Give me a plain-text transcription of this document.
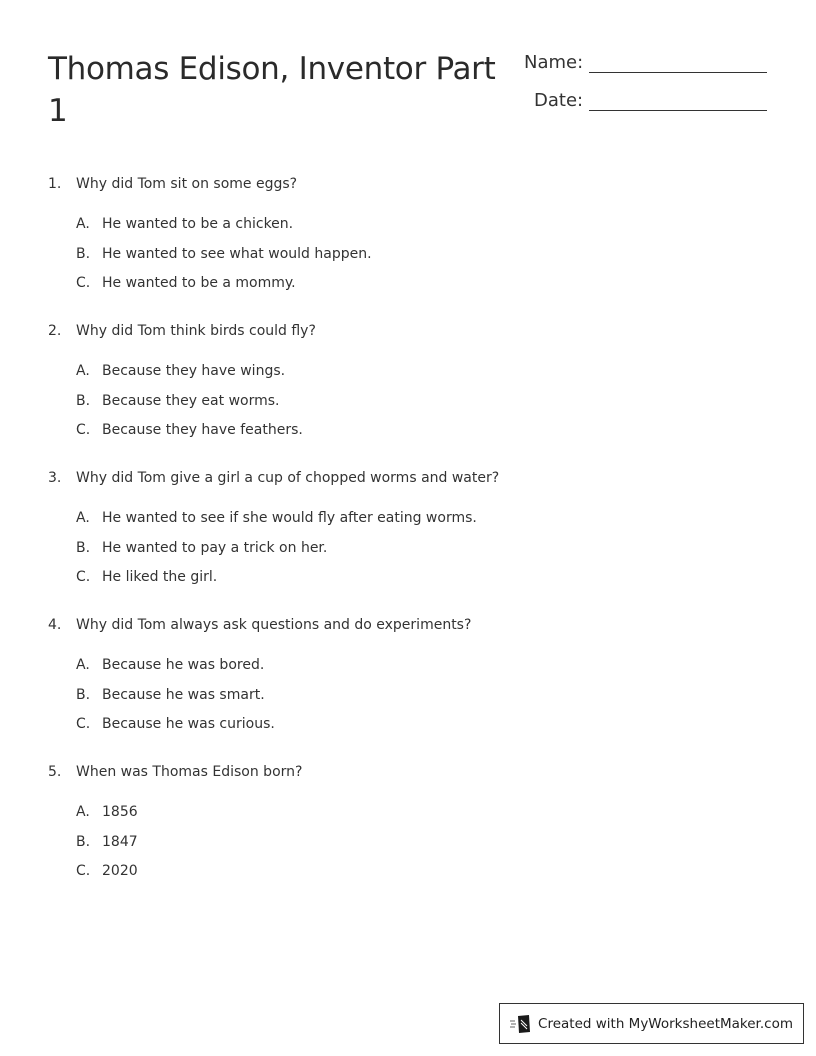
Thomas Edison, Inventor Part 1
Name:
Date:
1.	Why did Tom sit on some eggs?
A. He wanted to be a chicken.
B. He wanted to see what would happen.
C. He wanted to be a mommy.
2.	Why did Tom think birds could fly?
A. Because they have wings.
B. Because they eat worms.
C. Because they have feathers.
3.	Why did Tom give a girl a cup of chopped worms and water?
A. He wanted to see if she would fly after eating worms.
B. He wanted to pay a trick on her.
C. He liked the girl.
4.	Why did Tom always ask questions and do experiments?
A. Because he was bored.
B. Because he was smart.
C. Because he was curious.
5.	When was Thomas Edison born?
A. 1856
B. 1847
C. 2020
Created with MyWorksheetMaker.com
